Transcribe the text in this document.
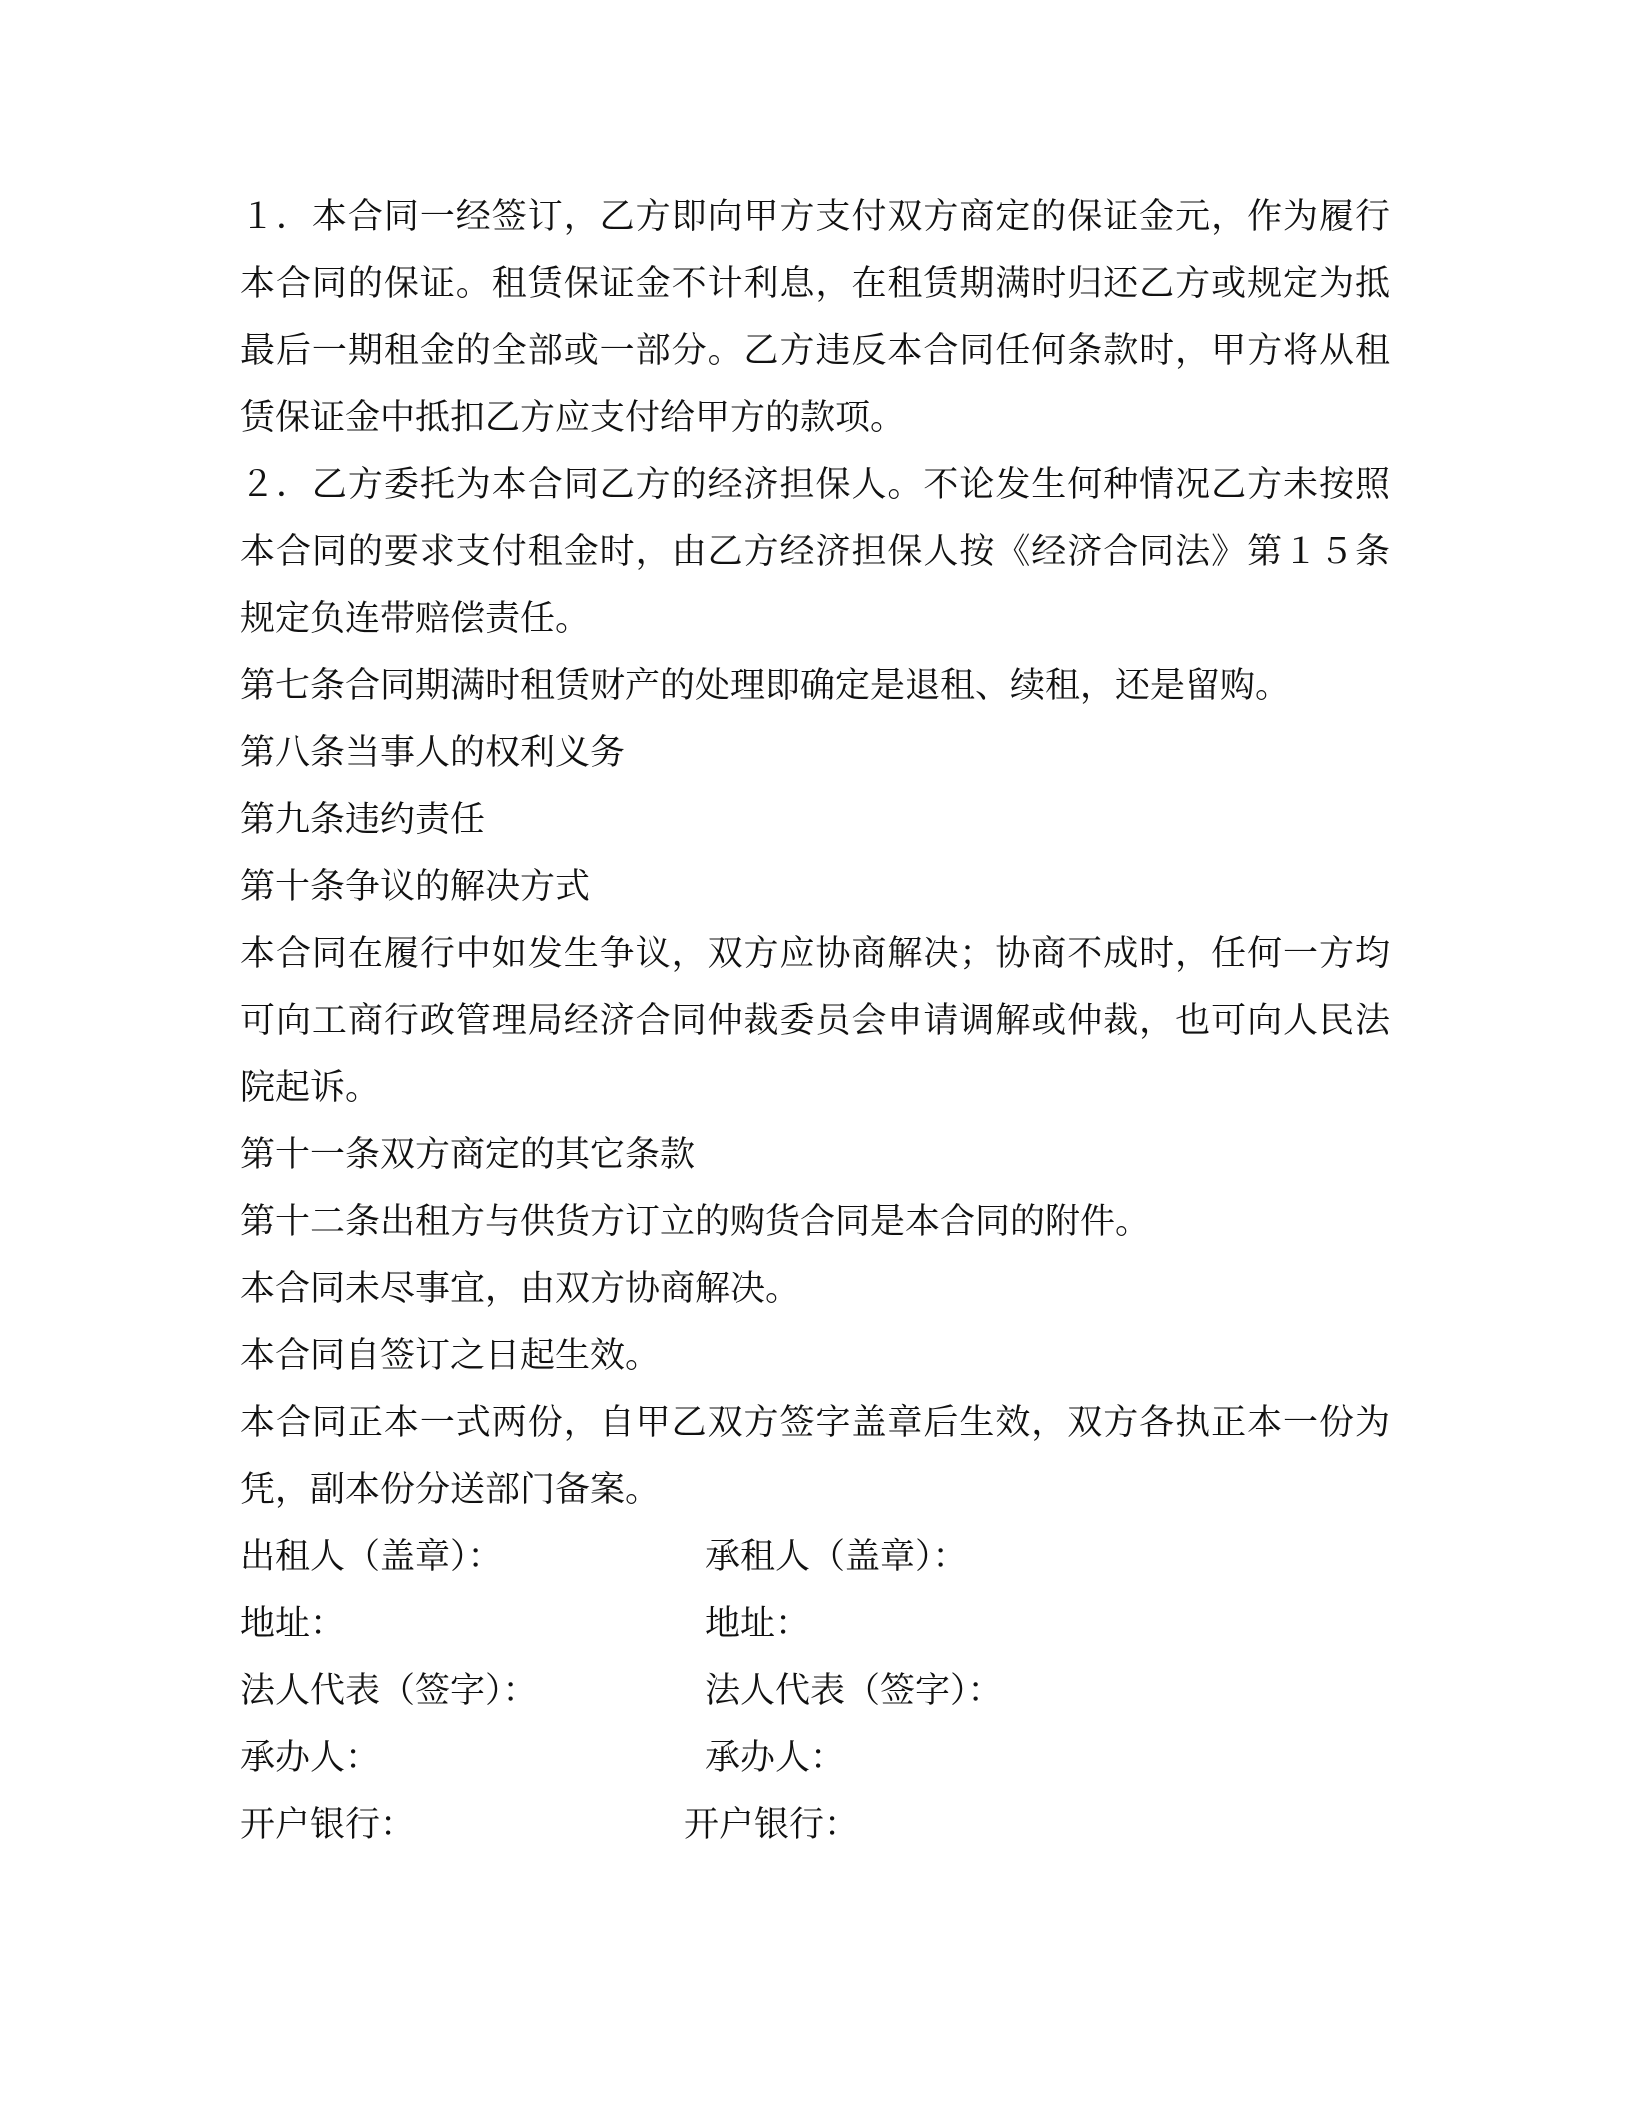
１．本合同一经签订，乙方即向甲方支付双方商定的保证金元，作为履行本合同的保证。租赁保证金不计利息，在租赁期满时归还乙方或规定为抵最后一期租金的全部或一部分。乙方违反本合同任何条款时，甲方将从租赁保证金中抵扣乙方应支付给甲方的款项。

２．乙方委托为本合同乙方的经济担保人。不论发生何种情况乙方未按照本合同的要求支付租金时，由乙方经济担保人按《经济合同法》第１５条规定负连带赔偿责任。

第七条合同期满时租赁财产的处理即确定是退租、续租，还是留购。

第八条当事人的权利义务

第九条违约责任

第十条争议的解决方式

本合同在履行中如发生争议，双方应协商解决；协商不成时，任何一方均可向工商行政管理局经济合同仲裁委员会申请调解或仲裁，也可向人民法院起诉。

第十一条双方商定的其它条款

第十二条出租方与供货方订立的购货合同是本合同的附件。

本合同未尽事宜，由双方协商解决。

本合同自签订之日起生效。

本合同正本一式两份，自甲乙双方签字盖章后生效，双方各执正本一份为凭，副本份分送部门备案。

出租人（盖章）：	承租人（盖章）：
地址：	地址：
法人代表（签字）：	法人代表（签字）：
承办人：	承办人：
开户银行：	开户银行：
